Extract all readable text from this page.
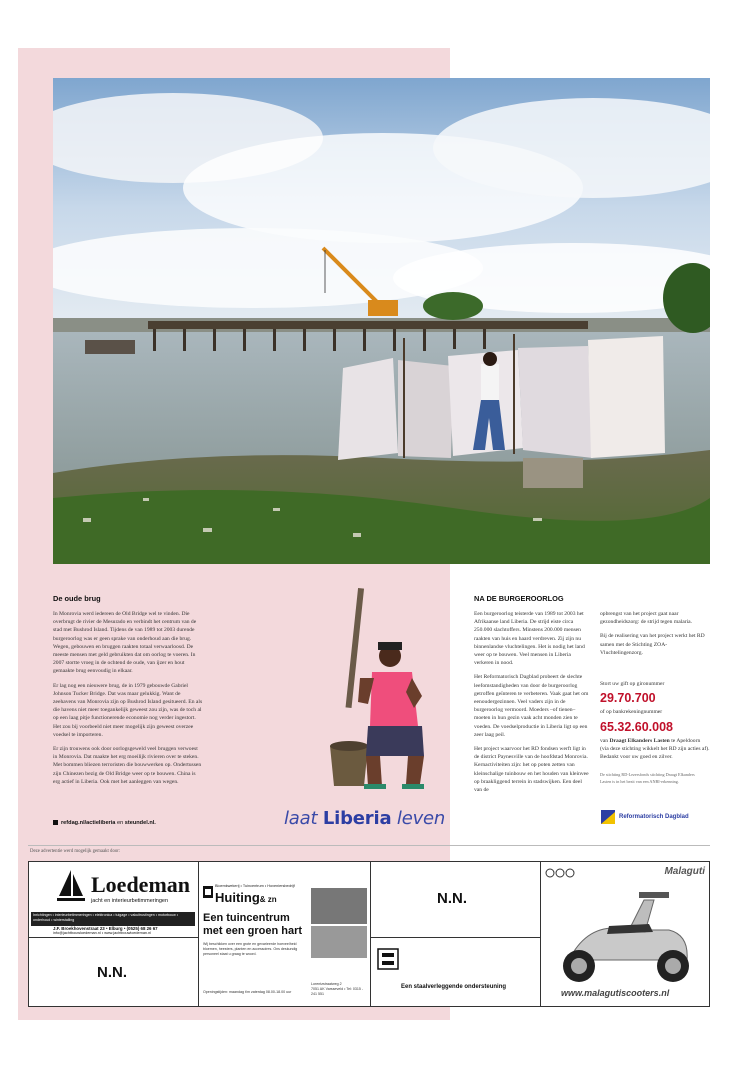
De oude brug

In Monrovia werd iedereen de Old Bridge wel te vinden. Die overbrugt de rivier de Mesurado en verbindt het centrum van de stad met Bushrod Island. Tijdens de van 1989 tot 2003 durende burgeroorlog was er geen sprake van onderhoud aan die brug. Wegen, gebouwen en bruggen raakten totaal verwaarloosd. De meeste mensen met geld gebruikten dat om oorlog te voeren. In 2007 stortte vroeg in de ochtend de oude, van ijzer en hout gemaakte brug eenvoudig in elkaar.

Er lag nog een nieuwere brug, de in 1979 gebouwde Gabriel Johnson Tucker Bridge. Dat was maar gelukkig. Want de zeehavens van Monrovia zijn op Bushrod Island gesitueerd. En als die havens niet meer toegankelijk geweest zou zijn, was de toch al op een laag pitje functionerende economie nog verder ingestort. Het zou bij voorbeeld niet meer mogelijk zijn geweest overzee voedsel te importeren.

Er zijn trouwens ook door oorlogsgeweld veel bruggen verwoest in Monrovia. Dat maakte het erg moeilijk rivieren over te steken. Met bommen bliezen terroristen die bouwwerken op. Ondertussen zijn Chinezen bezig de Old Bridge weer op te bouwen. China is erg actief in Liberia. Ook met het aanleggen van wegen.

refdag.nl/actieliberia en steundel.nl.	laat Liberia leven
NA DE BURGEROORLOG

Een burgeroorlog teisterde van 1989 tot 2003 het Afrikaanse land Liberia. De strijd eiste circa 250.000 slachtoffers. Minstens 200.000 mensen raakten van huis en haard verdreven. Zij zijn nu binnenlandse vluchtelingen. Het is nodig het land weer op te bouwen. Veel mensen in Liberia verkeren in nood.

Het Reformatorisch Dagblad probeert de slechte leefomstandigheden van door de burgeroorlog getroffen geïnteren te verbeteren. Vaak gaat het om eenoudergezinnen. Veel vaders zijn in de burgeroorlog vermoord. Moeders –of tienen– moeten in hun gezin vaak acht monden zien te voeden. De voedselproductie in Liberia ligt op een zeer laag peil.

Het project waarvoor het RD fondsen werft ligt in de district Paynesville van de hoofdstad Monrovia. Kernactiviteiten zijn: het op poten zetten van kleinschalige tuinbouw en het houden van kleinvee op braakliggend terrein in stadswijken. Een deel van de

opbrengst van het project gaat naar gezondheidszorg: de strijd tegen malaria.

Bij de realisering van het project werkt het RD samen met de Stichting ZOA-Vluchtelingenzorg.

Stort uw gift op gironummer

29.70.700

of op bankrekeningnummer

65.32.60.008

van Draagt Elkanders Lasten te Apeldoorn (via deze stichting wikkelt het RD zijn acties af). Bedankt voor uw goed en zilver.

De stichting RD-Lezersfonds stichting Draagt Elkanders

Lasten is in het bezit van een ANBI-erkenning.

Reformatorisch Dagblad
Deze advertentie werd mogelijk gemaakt door:
Loedeman
jacht en interieurbetimmeringen
Inrichtingen • interieurbetimmeringen • elektronica • tuigage • vakuitrustingen • motorbouw • onderhoud • winterstalling
J.F. Broekhovenstraat 23 • Elburg • (0525) 68 26 67
info@jachtbouwloedeman.nl • www.jachtbouwloedeman.nl
N.N.
Bloemkwekerij • Tuincentrum • Hoveniersbedrijf
Huiting& zn
Een tuincentrum
met een groen hart
Wij beschikken over een grote en gevarieerde hoeveelheid bloemen, heesters, planten en accessoires. Ons deskundig personeel staat u graag te woord.
Lorentzstraatweg 2
7051 AK Varsseveld • Tel: 0315 - 241 551
Openingstijden: maandag t/m zaterdag 08.00-18.00 uur
N.N.
Een staalverleggende ondersteuning
Malaguti
www.malagutiscooters.nl
